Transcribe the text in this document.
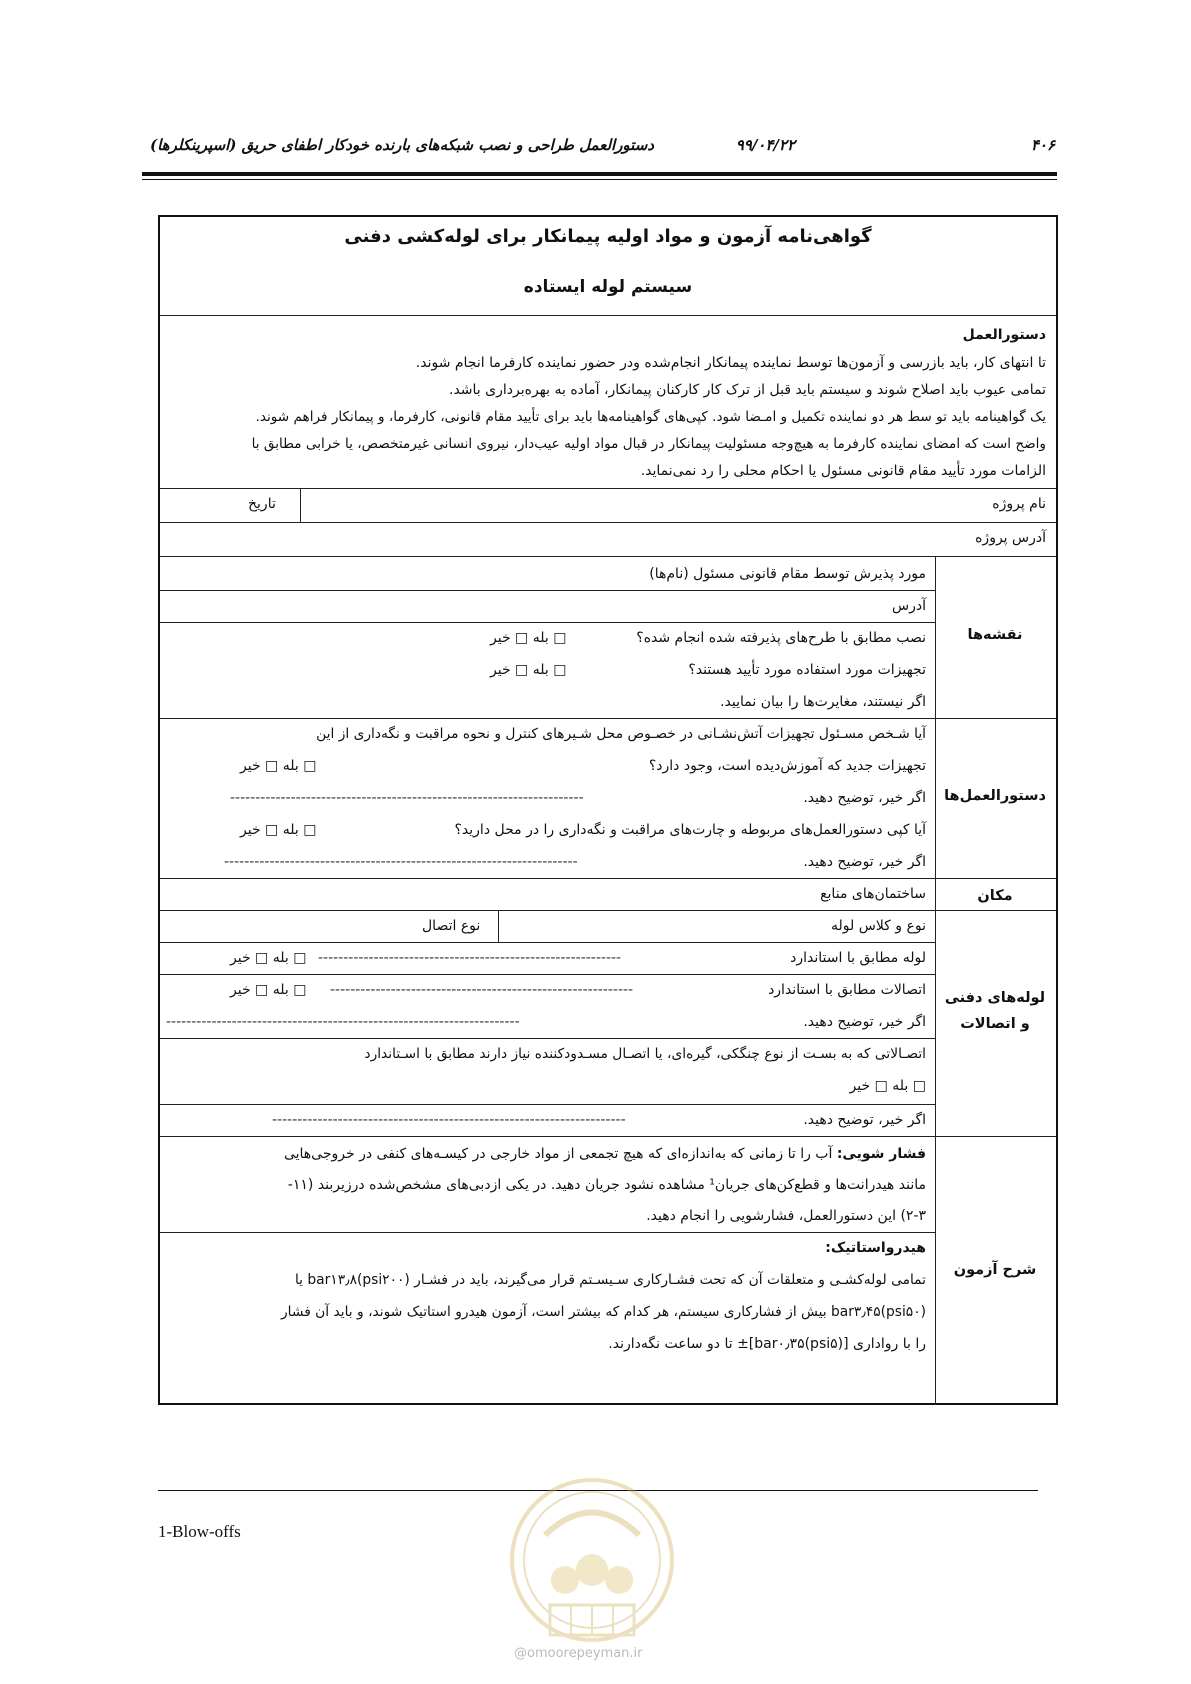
۴۰۶
۹۹/۰۴/۲۲
دستورالعمل طراحی و نصب شبکه‌های بارنده خودکار اطفای حریق (اسپرینکلرها)
گواهی‌نامه آزمون و مواد اولیه پیمانکار برای لوله‌کشی دفنی
سیستم لوله ایستاده
دستورالعمل
تا انتهای کار، باید بازرسی و آزمون‌ها توسط نماینده پیمانکار انجام‌شده ودر حضور نماینده کارفرما انجام شوند.
تمامی عیوب باید اصلاح شوند و سیستم باید قبل از ترک کار کارکنان پیمانکار، آماده به بهره‌برداری باشد.
یک گواهینامه باید تو سط هر دو نماینده تکمیل و امـضا شود. کپی‌های گواهینامه‌ها باید برای تأیید مقام قانونی، کارفرما، و پیمانکار فراهم شوند.
واضح است که امضای نماینده کارفرما به هیچ‌وجه مسئولیت پیمانکار در قبال مواد اولیه عیب‌دار، نیروی انسانی غیرمتخصص، یا خرابی مطابق با
الزامات مورد تأیید مقام قانونی مسئول یا احکام محلی را رد نمی‌نماید.
نام پروژه
تاریخ
آدرس پروژه
مورد پذیرش توسط مقام قانونی مسئول (نام‌ها)
آدرس
نصب مطابق با طرح‌های پذیرفته شده انجام شده؟
□ بله □ خیر
تجهیزات مورد استفاده مورد تأیید هستند؟
□ بله □ خیر
اگر نیستند، مغایرت‌ها را بیان نمایید.
نقشه‌ها
آیا شـخص مسـئول تجهیزات آتش‌نشـانی در خصـوص محل شـیرهای کنترل و نحوه مراقبت و نگه‌داری از این
تجهیزات جدید که آموزش‌دیده است، وجود دارد؟
□ بله □ خیر
اگر خیر، توضیح دهید.
----------------------------------------------------------------------
آیا کپی دستورالعمل‌های مربوطه و چارت‌های مراقبت و نگه‌داری را در محل دارید؟
□ بله □ خیر
اگر خیر، توضیح دهید.
----------------------------------------------------------------------
دستورالعمل‌ها
ساختمان‌های منابع	مکان
نوع و کلاس لوله
نوع اتصال
لوله مطابق با استاندارد
------------------------------------------------------------
□ بله □ خیر
اتصالات مطابق با استاندارد
------------------------------------------------------------
□ بله □ خیر
اگر خیر، توضیح دهید.
----------------------------------------------------------------------
اتصـالاتی که به بسـت از نوع چنگکی، گیره‌ای، یا اتصـال مسـدودکننده نیاز دارند مطابق با اسـتاندارد
□ بله □ خیر
اگر خیر، توضیح دهید.
----------------------------------------------------------------------
لوله‌های دفنی و اتصالات
فشار شویی: آب را تا زمانی که به‌اندازه‌ای که هیچ تجمعی از مواد خارجی در کیسـه‌های کنفی در خروجی‌هایی
مانند هیدرانت‌ها و قطع‌کن‌های جریان¹ مشاهده نشود جریان دهید. در یکی ازدبی‌های مشخص‌شده درزیربند (۱۱-
۲-۳) این دستورالعمل، فشارشویی را انجام دهید.
هیدرواستاتیک:
تمامی لوله‌کشـی و متعلقات آن که تحت فشـارکاری سـیسـتم قرار می‌گیرند، باید در فشـار bar۱۳٫۸(psi۲۰۰) یا
bar۳٫۴۵(psi۵۰) بیش از فشارکاری سیستم، هر کدام که بیشتر است، آزمون هیدرو استاتیک شوند، و باید آن فشار
را با رواداری [bar۰٫۳۵(psi۵)]± تا دو ساعت نگه‌دارند.
شرح آزمون
1-Blow-offs
@omoorepeyman.ir
